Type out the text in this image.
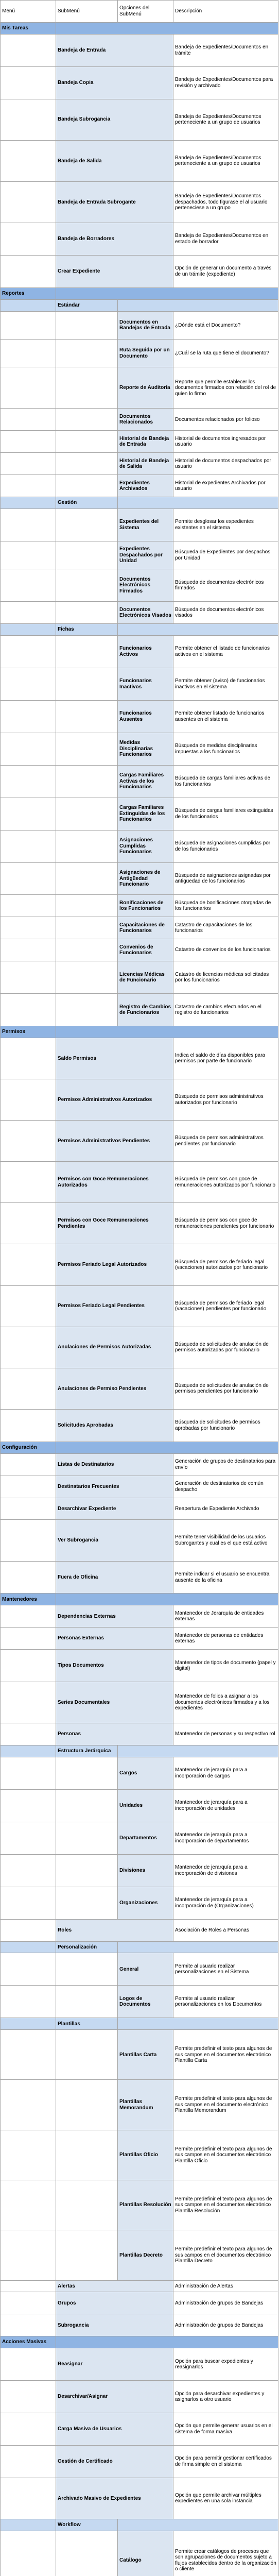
Menú	SubMenú	Opciones del SubMenú	Descripción
Mis Tareas			
	Bandeja de Entrada		Bandeja de Expedientes/Documentos en trámite
	Bandeja Copia		Bandeja de Expedientes/Documentos para revisión y archivado
	Bandeja Subrogancia		Bandeja de Expedientes/Documentos perteneciente a un grupo de usuarios
	Bandeja de Salida		Bandeja de Expedientes/Documentos perteneciente a un grupo de usuarios
	Bandeja de Entrada Subrogante		Bandeja de Expedientes/Documentos despachados, todo figurase el al usuario perteneciese a un grupo
	Bandeja de Borradores		Bandeja de Expedientes/Documentos en estado de borrador
	Crear Expediente		Opción de generar un documento a través de un trámite (expediente)
Reportes			
	Estándar		
		Documentos en Bandejas de Entrada	¿Dónde está el Documento?
		Ruta Seguida por un Documento	¿Cuál se la ruta que tiene el documento?
		Reporte de Auditoría	Reporte que permite establecer los documentos firmados con relación del rol de quien lo firmo
		Documentos Relacionados	Documentos relacionados por folioso
		Historial de Bandeja de Entrada	Historial de documentos ingresados por usuario
		Historial de Bandeja de Salida	Historial de documentos despachados por usuario
		Expedientes Archivados	Historial de expedientes Archivados por usuario
	Gestión		
		Expedientes del Sistema	Permite desglosar los expedientes existentes en el sistema
		Expedientes Despachados por Unidad	Búsqueda de Expedientes por despachos por Unidad
		Documentos Electrónicos Firmados	Búsqueda de documentos electrónicos firmados
		Documentos Electrónicos Visados	Búsqueda de documentos electrónicos visados
	Fichas		
		Funcionarios Activos	Permite obtener el listado de funcionarios activos en el sistema
		Funcionarios Inactivos	Permite obtener (aviso) de funcionarios inactivos en el sistema
		Funcionarios Ausentes	Permite obtener listado de funcionarios ausentes en el sistema
		Medidas Disciplinarias Funcionarios	Búsqueda de medidas disciplinarias impuestas a los funcionarios
		Cargas Familiares Activas de los Funcionarios	Búsqueda de cargas familiares activas de los funcionarios
		Cargas Familiares Extinguidas de los Funcionarios	Búsqueda de cargas familiares extinguidas de los funcionarios
		Asignaciones Cumplidas Funcionarios	Búsqueda de asignaciones cumplidas por de los funcionarios
		Asignaciones de Antigüedad Funcionario	Búsqueda de asignaciones asignadas por antigüedad de los funcionarios
		Bonificaciones de los Funcionarios	Búsqueda de bonificaciones otorgadas de los funcionarios
		Capacitaciones de Funcionarios	Catastro de capacitaciones de los funcionarios
		Convenios de Funcionarios	Catastro de convenios de los funcionarios
		Licencias Médicas de Funcionario	Catastro de licencias médicas solicitadas por los funcionarios
		Registro de Cambios de Funcionarios	Catastro de cambios efectuados en el registro de funcionarios
Permisos			
	Saldo Permisos		Indica el saldo de días disponibles para permisos por parte de funcionario
	Permisos Administrativos Autorizados		Búsqueda de permisos administrativos autorizados por funcionario
	Permisos Administrativos Pendientes		Búsqueda de permisos administrativos pendientes por funcionario
	Permisos con Goce Remuneraciones Autorizados		Búsqueda de permisos con goce de remuneraciones autorizados por funcionario
	Permisos con Goce Remuneraciones Pendientes		Búsqueda de permisos con goce de remuneraciones pendientes por funcionario
	Permisos Feriado Legal Autorizados		Búsqueda de permisos de feriado legal (vacaciones) autorizados por funcionario
	Permisos Feriado Legal Pendientes		Búsqueda de permisos de feriado legal (vacaciones) pendientes por funcionario
	Anulaciones de Permisos Autorizadas		Búsqueda de solicitudes de anulación de permisos autorizadas por funcionario
	Anulaciones de Permiso Pendientes		Búsqueda de solicitudes de anulación de permisos pendientes por funcionario
	Solicitudes Aprobadas		Búsqueda de solicitudes de permisos aprobadas por funcionario
Configuración			
	Listas de Destinatarios		Generación de grupos de destinatarios para envío
	Destinatarios Frecuentes		Generación de destinatarios de común despacho
	Desarchivar Expediente		Reapertura de Expediente Archivado
	Ver Subrogancia		Permite tener visibilidad de los usuarios Subrogantes y cual es el que está activo
	Fuera de Oficina		Permite indicar si el usuario se encuentra ausente de la oficina
Mantenedores			
	Dependencias Externas		Mantenedor de Jerarquía de entidades externas
	Personas Externas		Mantenedor de personas de entidades externas
	Tipos Documentos		Mantenedor de tipos de documento (papel y digital)
	Series Documentales		Mantenedor de folios a asignar a los documentos electrónicos firmados y a los expedientes
	Personas		Mantenedor de personas y su respectivo rol
	Estructura Jerárquica		
		Cargos	Mantenedor de jerarquía para a incorporación de cargos
		Unidades	Mantenedor de jerarquía para a incorporación de unidades
		Departamentos	Mantenedor de jerarquía para a incorporación de departamentos
		Divisiones	Mantenedor de jerarquía para a incorporación de divisiones
		Organizaciones	Mantenedor de jerarquía para a incorporación de (Organizaciones)
	Roles		Asociación de Roles a Personas
	Personalización		
		General	Permite al usuario realizar personalizaciones en el Sistema
		Logos de Documentos	Permite al usuario realizar personalizaciones en los Documentos
	Plantillas		
		Plantillas Carta	Permite predefinir el texto para algunos de sus campos en el documentos electrónico Plantilla Carta
		Plantillas Memorandum	Permite predefinir el texto para algunos de sus campos en el documento electrónico Plantilla Memorandum
		Plantillas Oficio	Permite predefinir el texto para algunos de sus campos en el documentos electrónico Plantilla Oficio
		Plantillas Resolución	Permite predefinir el texto para algunos de sus campos en el documentos electrónico Plantilla Resolución
		Plantillas Decreto	Permite predefinir el texto para algunos de sus campos en el documentos electrónico Plantilla Decreto
	Alertas		Administración de Alertas
	Grupos		Administración de grupos de Bandejas
	Subrogancia		Administración de grupos de Bandejas
Acciones Masivas			
	Reasignar		Opción para buscar expedientes y reasignarlos
	Desarchivar/Asignar		Opción para desarchivar expedientes y asignarlos a otro usuario
	Carga Masiva de Usuarios		Opción que permite generar usuarios en el sistema de forma masiva
	Gestión de Certificado		Opción para permitir gestionar certificados de firma simple en el sistema
	Archivado Masivo de Expedientes		Opción que permite archivar múltiples expedientes en una sola instancia
	Workflow		
		Catálogo	Permite crear catálogos de procesos que son agrupaciones de documentos sujeto a flujos establecidos dentro de la organización o cliente
